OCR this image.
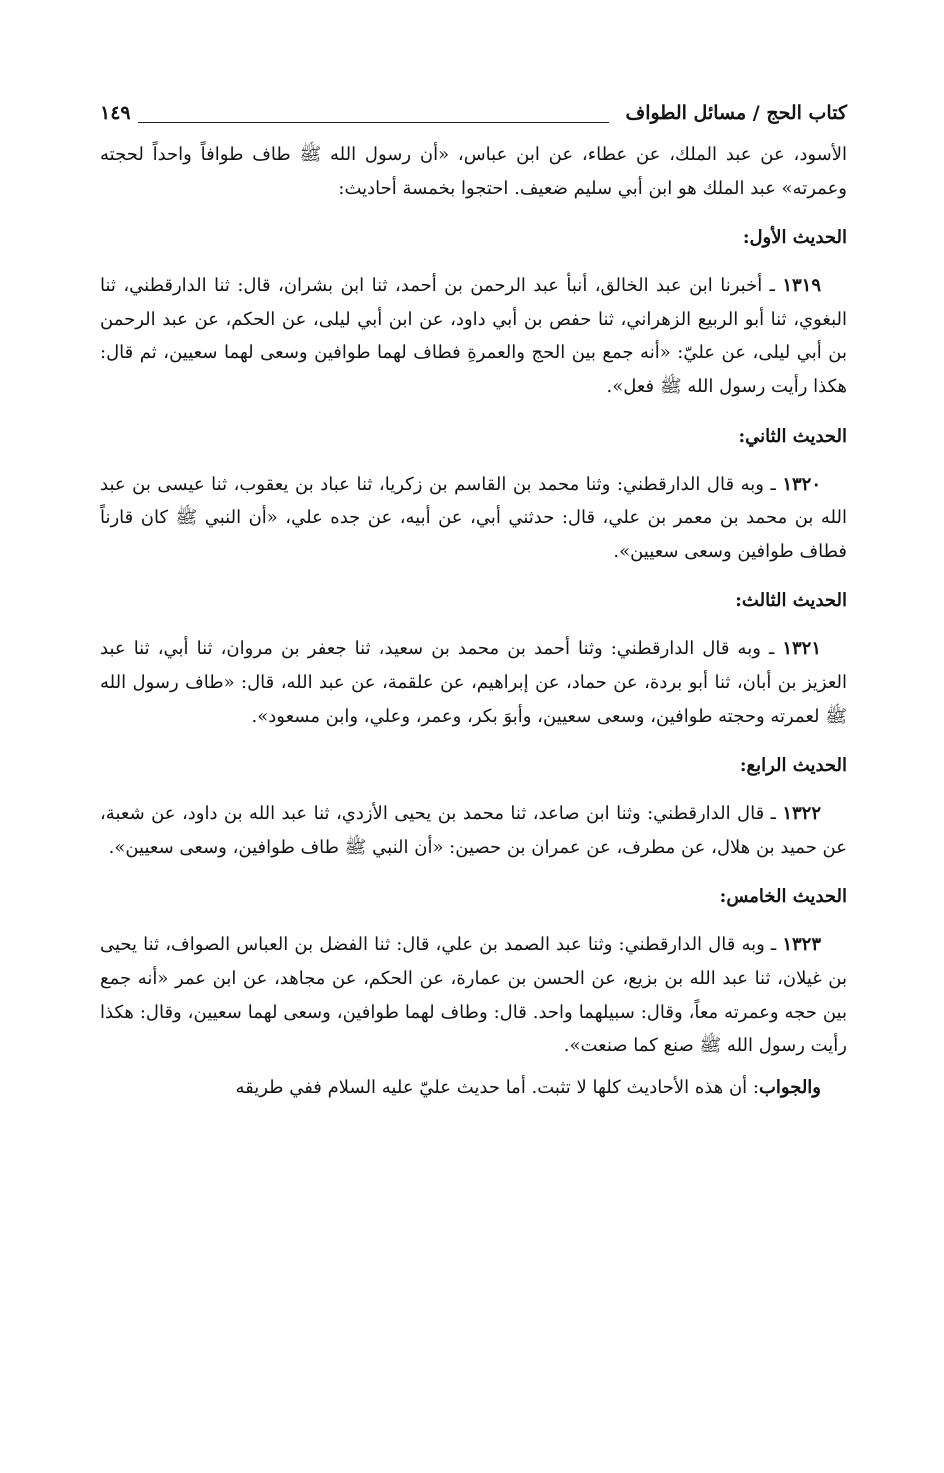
كتاب الحج / مسائل الطواف
١٤٩

الأسود، عن عبد الملك، عن عطاء، عن ابن عباس، «أن رسول الله ﷺ طاف طوافاً واحداً لحجته وعمرته» عبد الملك هو ابن أبي سليم ضعيف. احتجوا بخمسة أحاديث:

الحديث الأول:

١٣١٩ ـ أخبرنا ابن عبد الخالق، أنبأ عبد الرحمن بن أحمد، ثنا ابن بشران، قال: ثنا الدارقطني، ثنا البغوي، ثنا أبو الربيع الزهراني، ثنا حفص بن أبي داود، عن ابن أبي ليلى، عن الحكم، عن عبد الرحمن بن أبي ليلى، عن عليّ: «أنه جمع بين الحج والعمرةِ فطاف لهما طوافين وسعى لهما سعيين، ثم قال: هكذا رأيت رسول الله ﷺ فعل».

الحديث الثاني:

١٣٢٠ ـ وبه قال الدارقطني: وثنا محمد بن القاسم بن زكريا، ثنا عباد بن يعقوب، ثنا عيسى بن عبد الله بن محمد بن معمر بن علي، قال: حدثني أبي، عن أبيه، عن جده علي، «أن النبي ﷺ كان قارناً فطاف طوافين وسعى سعيين».

الحديث الثالث:

١٣٢١ ـ وبه قال الدارقطني: وثنا أحمد بن محمد بن سعيد، ثنا جعفر بن مروان، ثنا أبي، ثنا عبد العزيز بن أبان، ثنا أبو بردة، عن حماد، عن إبراهيم، عن علقمة، عن عبد الله، قال: «طاف رسول الله ﷺ لعمرته وحجته طوافين، وسعى سعيين، وأبوَ بكر، وعمر، وعلي، وابن مسعود».

الحديث الرابع:

١٣٢٢ ـ قال الدارقطني: وثنا ابن صاعد، ثنا محمد بن يحيى الأزدي، ثنا عبد الله بن داود، عن شعبة، عن حميد بن هلال، عن مطرف، عن عمران بن حصين: «أن النبي ﷺ طاف طوافين، وسعى سعيين».

الحديث الخامس:

١٣٢٣ ـ وبه قال الدارقطني: وثنا عبد الصمد بن علي، قال: ثنا الفضل بن العباس الصواف، ثنا يحيى بن غيلان، ثنا عبد الله بن بزيع، عن الحسن بن عمارة، عن الحكم، عن مجاهد، عن ابن عمر «أنه جمع بين حجه وعمرته معاً، وقال: سبيلهما واحد. قال: وطاف لهما طوافين، وسعى لهما سعيين، وقال: هكذا رأيت رسول الله ﷺ صنع كما صنعت».

والجواب: أن هذه الأحاديث كلها لا تثبت. أما حديث عليّ عليه السلام ففي طريقه
